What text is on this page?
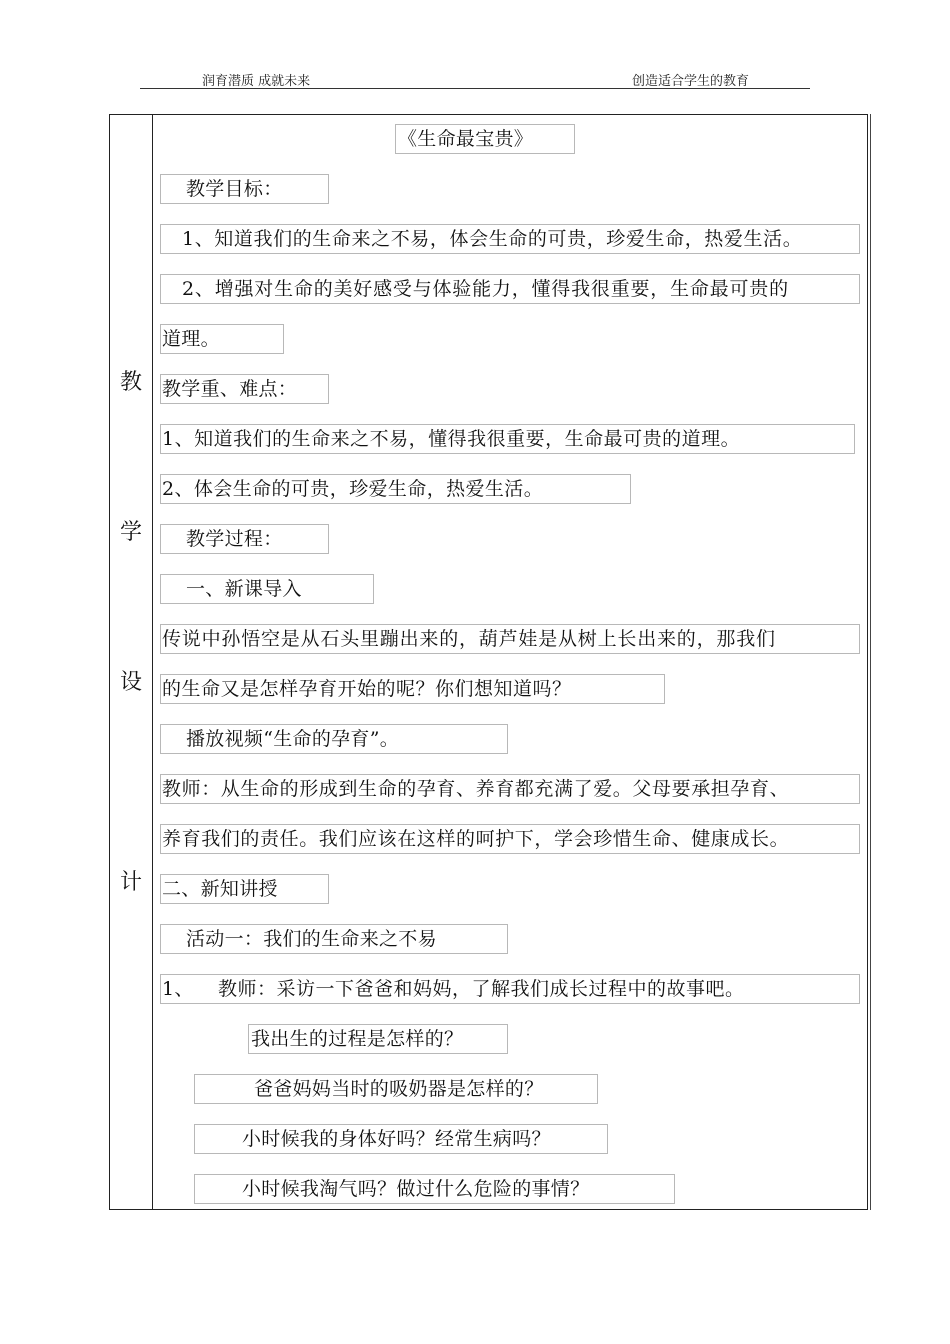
润育潜质 成就未来	创造适合学生的教育
教
学
设
计
《生命最宝贵》
教学目标：
1、知道我们的生命来之不易，体会生命的可贵，珍爱生命，热爱生活。
2、增强对生命的美好感受与体验能力，懂得我很重要，生命最可贵的
道理。
教学重、难点：
1、知道我们的生命来之不易，懂得我很重要，生命最可贵的道理。
2、体会生命的可贵，珍爱生命，热爱生活。
教学过程：
一、新课导入
传说中孙悟空是从石头里蹦出来的，葫芦娃是从树上长出来的，那我们
的生命又是怎样孕育开始的呢？你们想知道吗？
播放视频“生命的孕育”。
教师：从生命的形成到生命的孕育、养育都充满了爱。父母要承担孕育、
养育我们的责任。我们应该在这样的呵护下，学会珍惜生命、健康成长。
二、新知讲授
活动一：我们的生命来之不易
1、 教师：采访一下爸爸和妈妈，了解我们成长过程中的故事吧。
我出生的过程是怎样的？
爸爸妈妈当时的吸奶器是怎样的？
小时候我的身体好吗？经常生病吗？
小时候我淘气吗？做过什么危险的事情？
